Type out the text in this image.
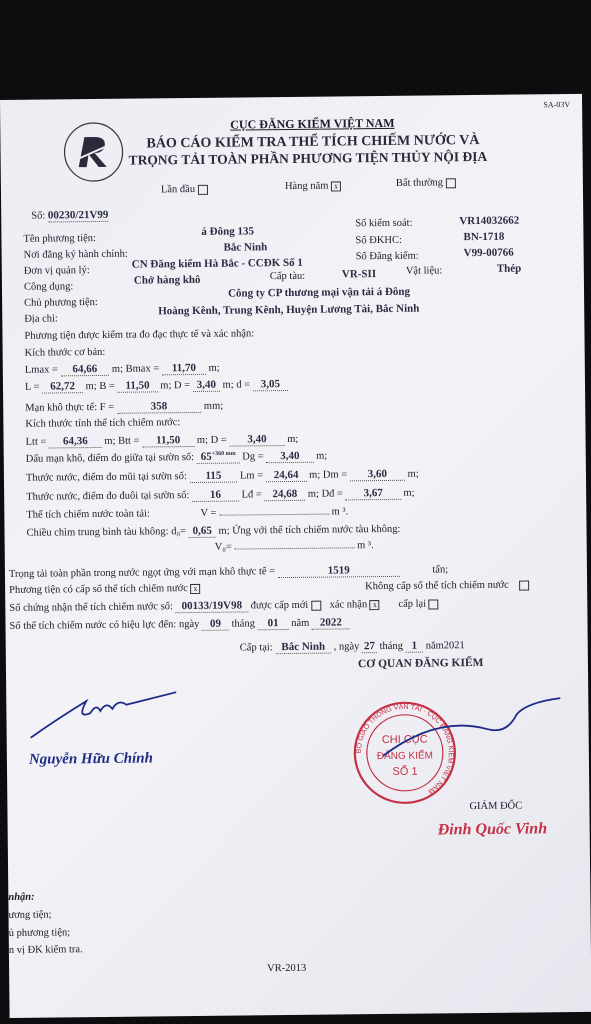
SA-03V
CỤC ĐĂNG KIỂM VIỆT NAM
BÁO CÁO KIỂM TRA THỂ TÍCH CHIẾM NƯỚC VÀ
TRỌNG TẢI TOÀN PHẦN PHƯƠNG TIỆN THỦY NỘI ĐỊA
Lần đầu	Hàng năm x	Bất thường
Số: 00230/21V99
Tên phương tiện:
á Đông 135
Số kiểm soát:	VR14032662
Nơi đăng ký hành chính:
Bắc Ninh
Số ĐKHC:	BN-1718
Đơn vị quản lý:
CN Đăng kiểm Hà Bắc - CCĐK Số 1
Số Đăng kiểm:	V99-00766
Công dụng:
Chở hàng khô	Cấp tàu:	VR-SII	Vật liệu:	Thép
Chủ phương tiện:
Công ty CP thương mại vận tải á Đông
Địa chỉ:
Hoàng Kênh, Trung Kênh, Huyện Lương Tài, Bắc Ninh
Phương tiện được kiểm tra đo đạc thực tế và xác nhận:
Kích thước cơ bản:
Lmax = 64,66 m; Bmax = 11,70 m;
L = 62,72 m; B = 11,50 m; D = 3,40 m; d = 3,05
Mạn khô thực tế: F =	358	mm;
Kích thước tính thể tích chiếm nước:
Ltt = 64,36 m; Btt = 11,50 m; D = 3,40 m;
Dấu mạn khô, điểm đo giữa tại sườn số: $65^{+360 mm}$ Dg = 3,40 m;
Thước nước, điểm đo mũi tại sườn số: 115 Lm = 24,64 m; Dm = 3,60 m;
Thước nước, điểm đo đuôi tại sườn số: 16 Lđ = 24,68 m; Dđ = 3,67 m;
Thể tích chiếm nước toàn tải:	V =	m ³.
Chiều chìm trung bình tàu không: d₀= 0,65 m; Ứng với thể tích chiếm nước tàu không:
V₀=	m ³.
Trọng tải toàn phần trong nước ngọt ứng với mạn khô thực tế =	1519	tấn;
Phương tiện có cấp sổ thể tích chiếm nước x	Không cấp sổ thể tích chiếm nước
Số chứng nhận thể tích chiếm nước số: 00133/19V98 được cấp mới xác nhận x cấp lại
Số thể tích chiếm nước có hiệu lực đến: ngày 09 tháng 01 năm 2022
Cấp tại: Bắc Ninh , ngày 27 tháng 1 năm2021
CƠ QUAN ĐĂNG KIỂM
Nguyễn Hữu Chính	BỘ GIAO THÔNG VẬN TẢI · CỤC ĐĂNG KIỂM VIỆT NAM
CHI CỤC
ĐĂNG KIỂM
SỐ 1
GIÁM ĐỐC
Đinh Quốc Vinh
nhận:
ương tiện;
ủ phương tiện;
n vị ĐK kiểm tra.
VR-2013
